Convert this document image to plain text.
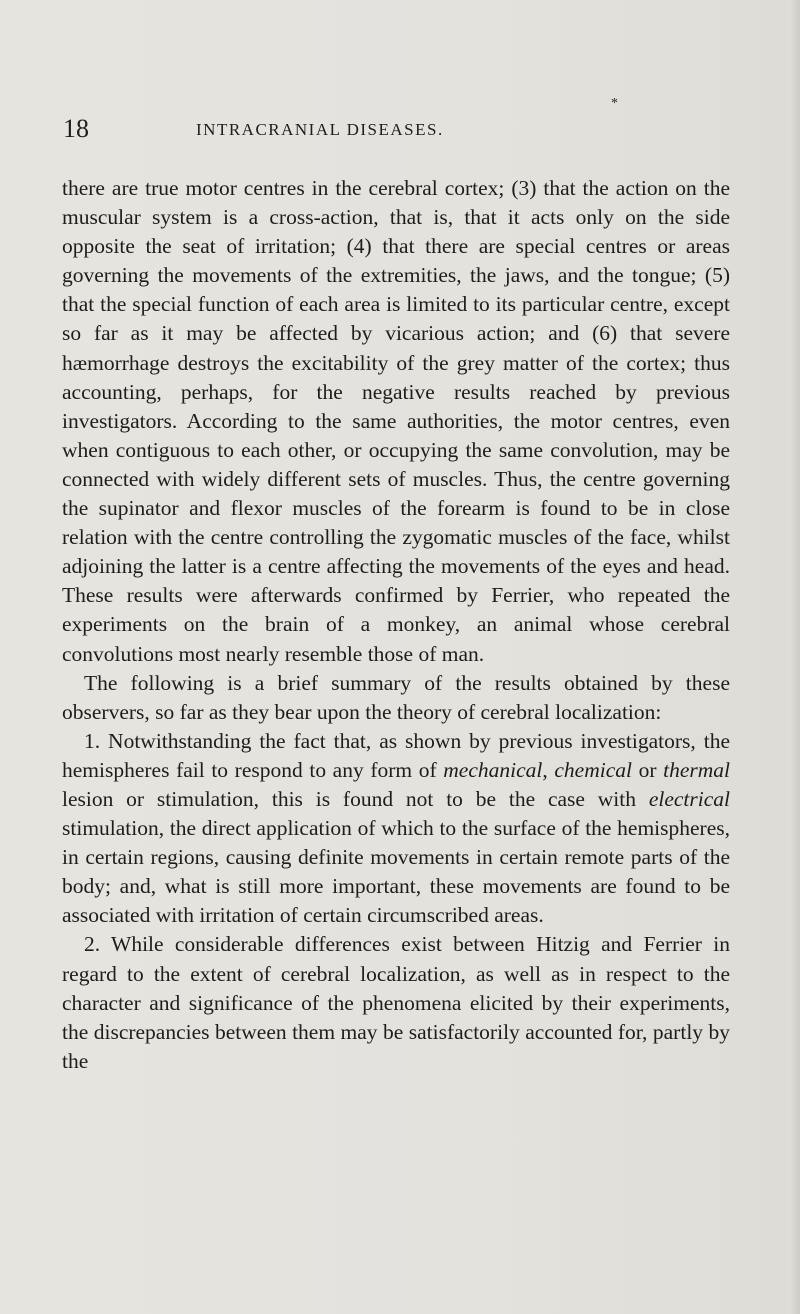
18	INTRACRANIAL DISEASES.
*

there are true motor centres in the cerebral cortex; (3) that the action on the muscular system is a cross-action, that is, that it acts only on the side opposite the seat of irritation; (4) that there are special centres or areas governing the movements of the extremities, the jaws, and the tongue; (5) that the special function of each area is limited to its particular centre, except so far as it may be affected by vicarious action; and (6) that severe hæmorrhage destroys the excitability of the grey matter of the cortex; thus accounting, perhaps, for the negative results reached by previous investigators. According to the same authorities, the motor centres, even when contiguous to each other, or occupying the same convolution, may be connected with widely different sets of muscles. Thus, the centre governing the supinator and flexor muscles of the forearm is found to be in close relation with the centre controlling the zygomatic muscles of the face, whilst adjoining the latter is a centre affecting the movements of the eyes and head. These results were afterwards confirmed by Ferrier, who repeated the experiments on the brain of a monkey, an animal whose cerebral convolutions most nearly resemble those of man.

The following is a brief summary of the results obtained by these observers, so far as they bear upon the theory of cerebral localization:

1. Notwithstanding the fact that, as shown by previous investigators, the hemispheres fail to respond to any form of mechanical, chemical or thermal lesion or stimulation, this is found not to be the case with electrical stimulation, the direct application of which to the surface of the hemispheres, in certain regions, causing definite movements in certain remote parts of the body; and, what is still more important, these movements are found to be associated with irritation of certain circumscribed areas.

2. While considerable differences exist between Hitzig and Ferrier in regard to the extent of cerebral localization, as well as in respect to the character and significance of the phenomena elicited by their experiments, the discrepancies between them may be satisfactorily accounted for, partly by the
